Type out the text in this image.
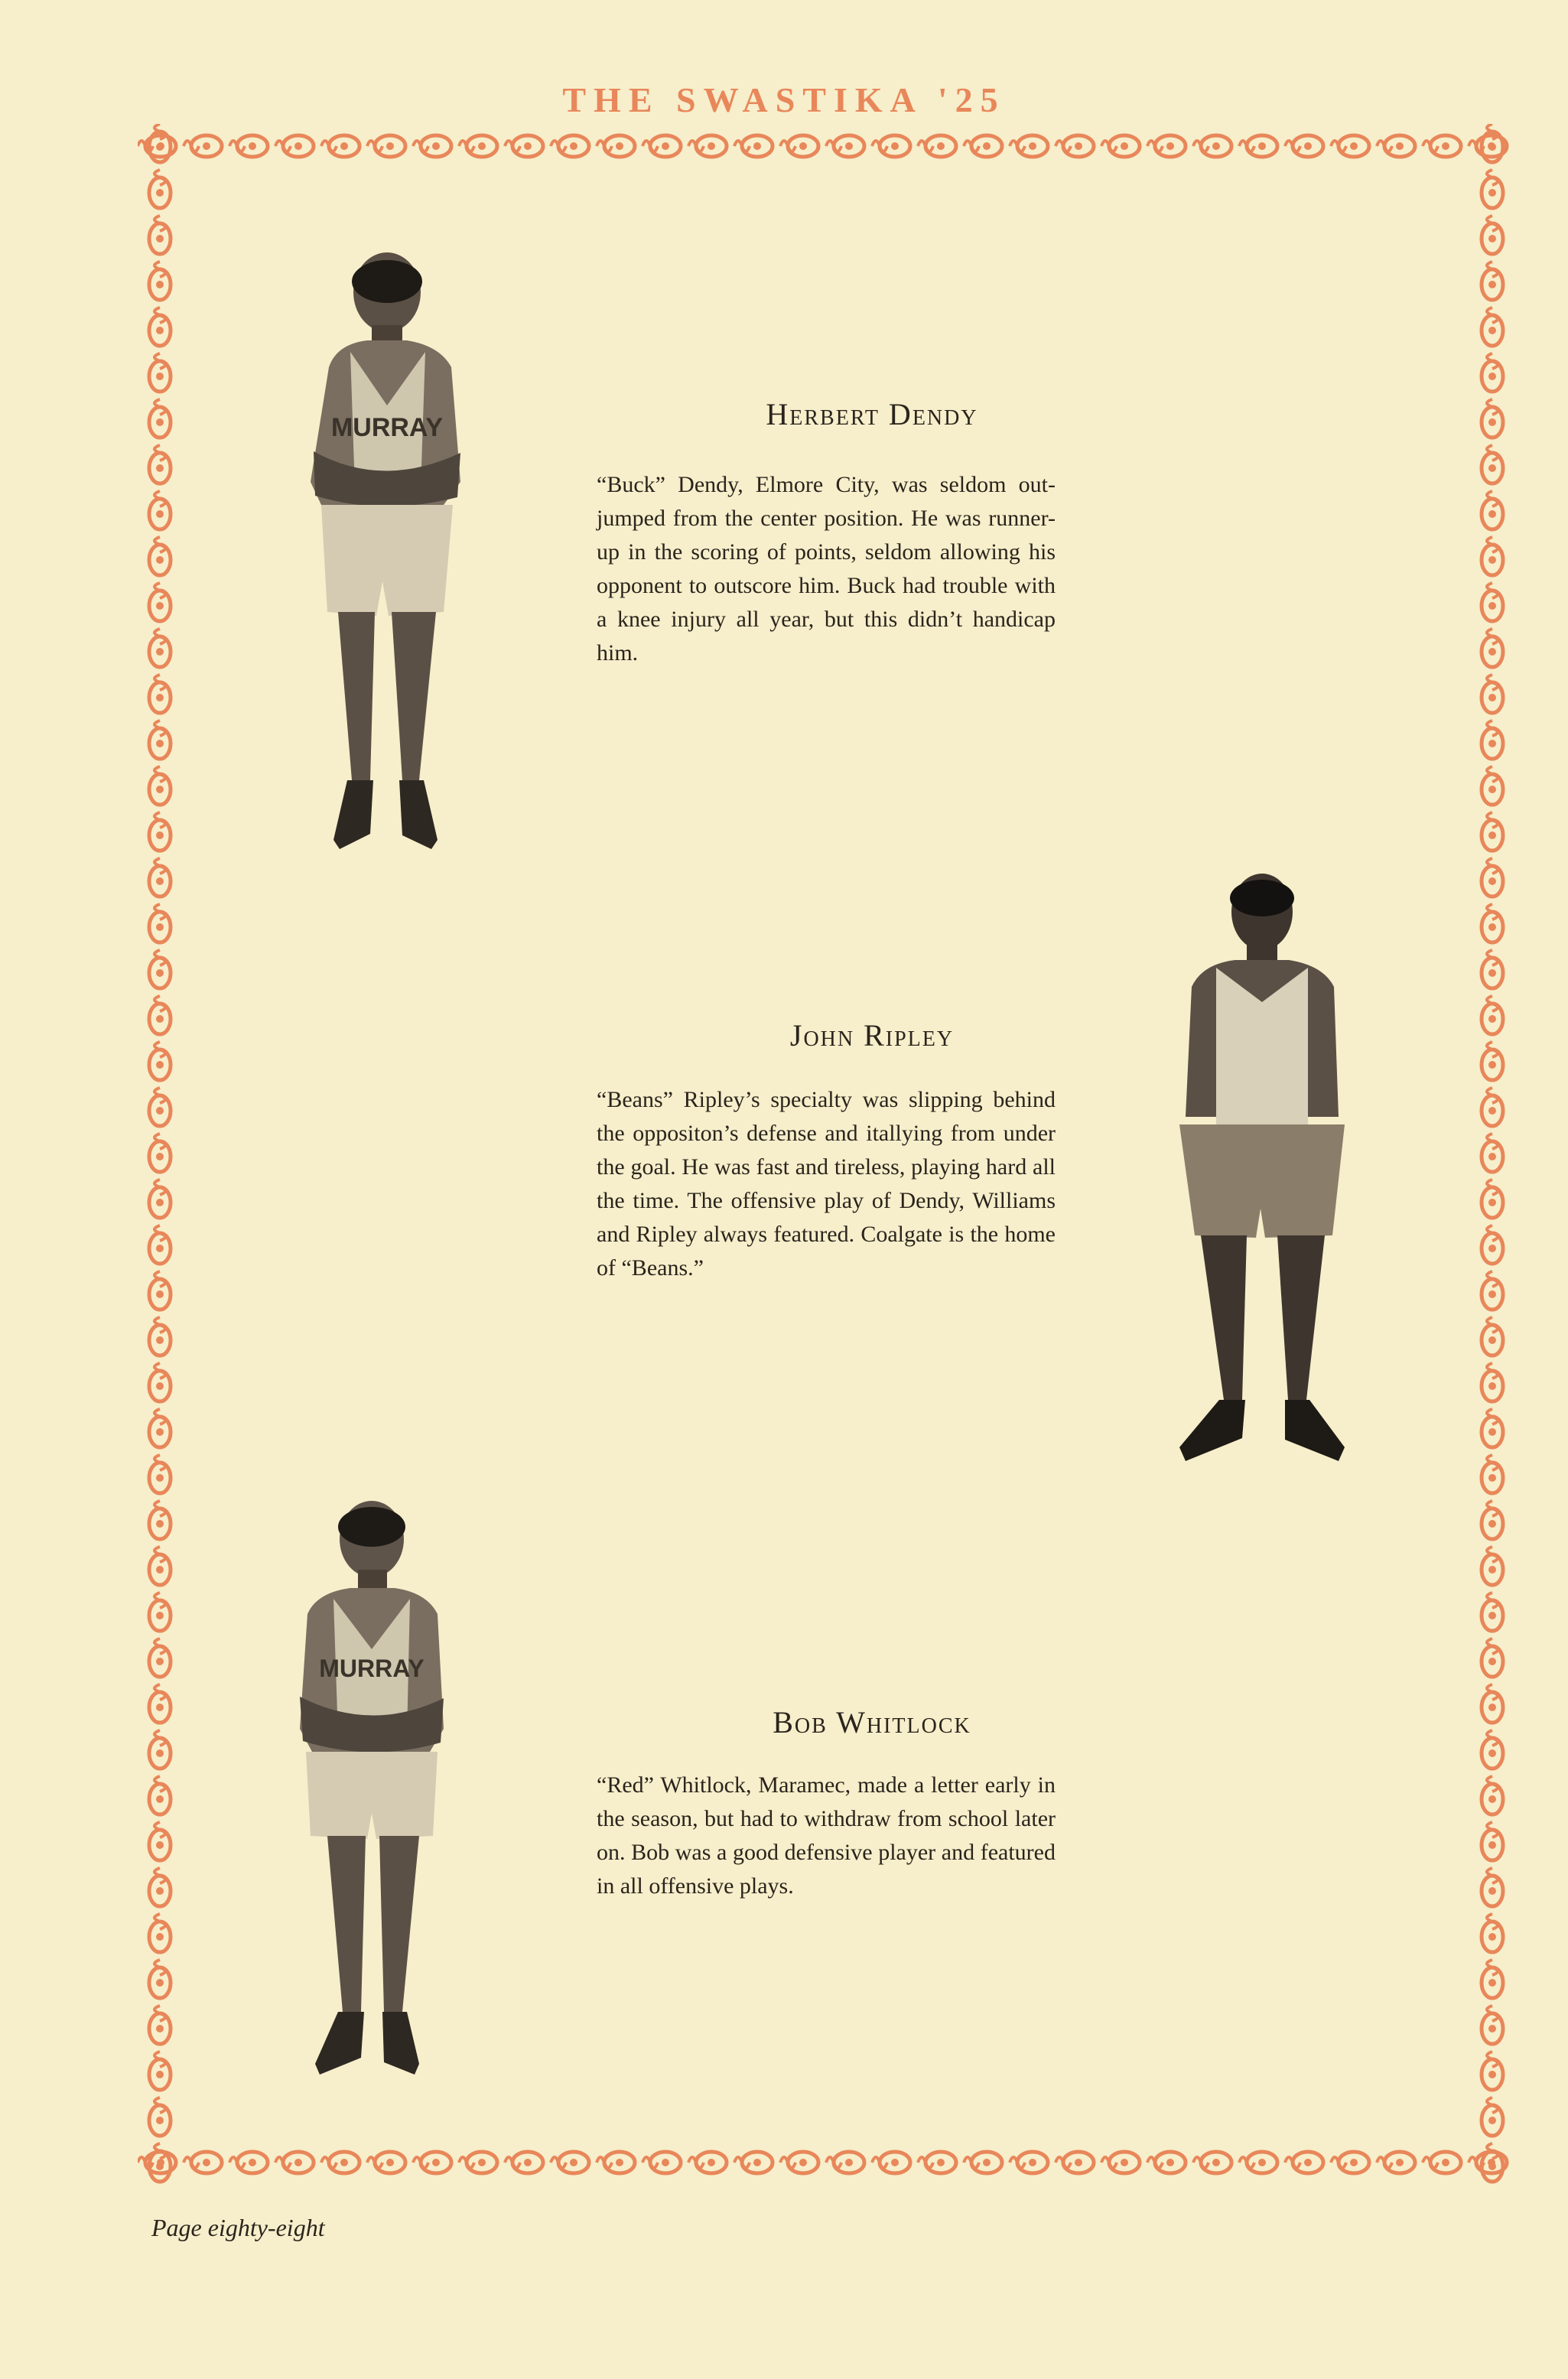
THE SWASTIKA '25
MURRAY	Herbert Dendy
“Buck” Dendy, Elmore City, was seldom out-jumped from the center position. He was runner-up in the scoring of points, seldom allowing his opponent to outscore him. Buck had trouble with a knee injury all year, but this didn’t handicap him.
John Ripley
“Beans” Ripley’s specialty was slipping behind the oppositon’s defense and itallying from under the goal. He was fast and tireless, playing hard all the time. The offensive play of Dendy, Williams and Ripley always featured. Coalgate is the home of “Beans.”
MURRAY
Bob Whitlock
“Red” Whitlock, Maramec, made a letter early in the season, but had to withdraw from school later on. Bob was a good defensive player and featured in all offensive plays.
Page eighty-eight
